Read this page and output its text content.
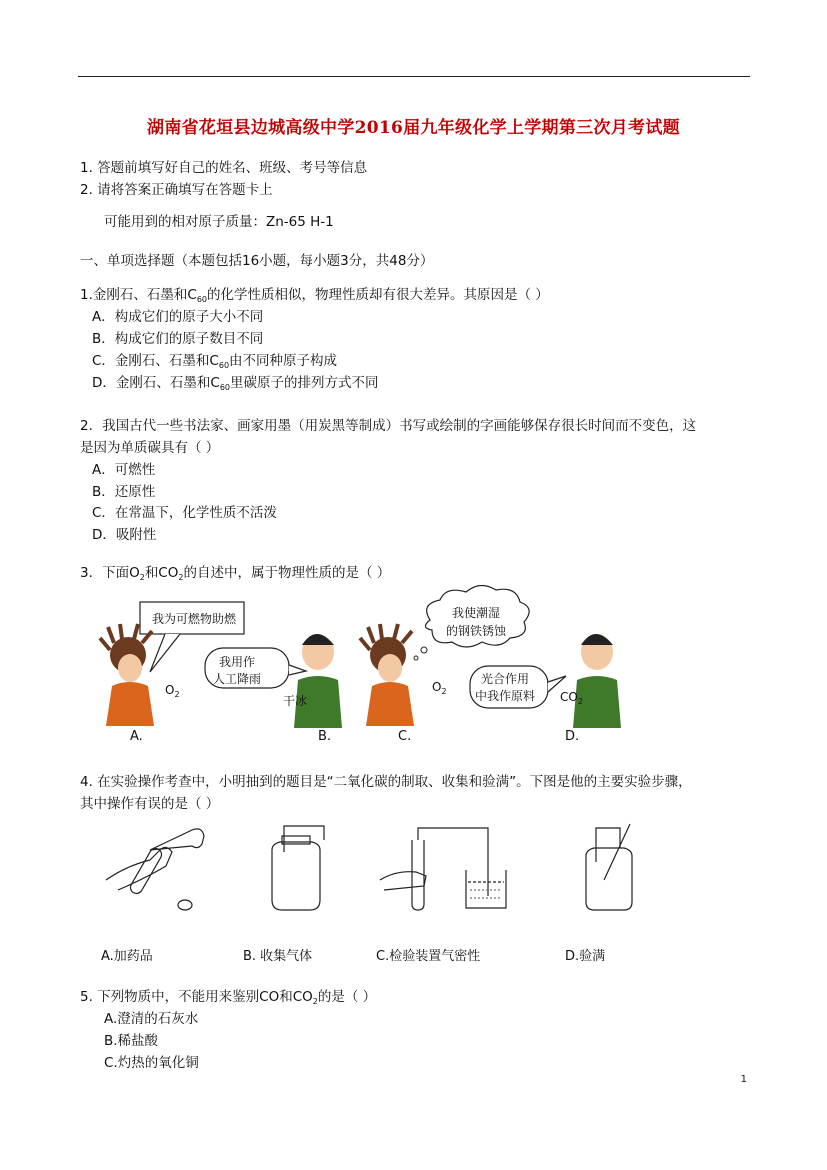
湖南省花垣县边城高级中学2016届九年级化学上学期第三次月考试题
1. 答题前填写好自己的姓名、班级、考号等信息
2. 请将答案正确填写在答题卡上
可能用到的相对原子质量：Zn-65 H-1
一、单项选择题（本题包括16小题，每小题3分，共48分）
1.金刚石、石墨和$C_{60}$的化学性质相似，物理性质却有很大差异。其原因是（ ）
A．构成它们的原子大小不同
B．构成它们的原子数目不同
C．金刚石、石墨和$C_{60}$由不同种原子构成
D．金刚石、石墨和$C_{60}$里碳原子的排列方式不同
2．我国古代一些书法家、画家用墨（用炭黑等制成）书写或绘制的字画能够保存很长时间而不变色，这
是因为单质碳具有（ ）
A．可燃性
B．还原性
C．在常温下，化学性质不活泼
D．吸附性
3．下面$O_2$和$CO_2$的自述中，属于物理性质的是（ ）
我为可燃物助燃
我用作
人工降雨
我使潮湿
的钢铁锈蚀
光合作用
中我作原料
$O_2$	干冰
$O_2$	$CO_2$
A.	B.	C.	D.
4. 在实验操作考查中，小明抽到的题目是“二氧化碳的制取、收集和验满”。下图是他的主要实验步骤，
其中操作有误的是（ ）
A.加药品	B. 收集气体	C.检验装置气密性	D.验满
5. 下列物质中，不能用来鉴别CO和$CO_2$的是（ ）
A.澄清的石灰水
B.稀盐酸
C.灼热的氧化铜
1
